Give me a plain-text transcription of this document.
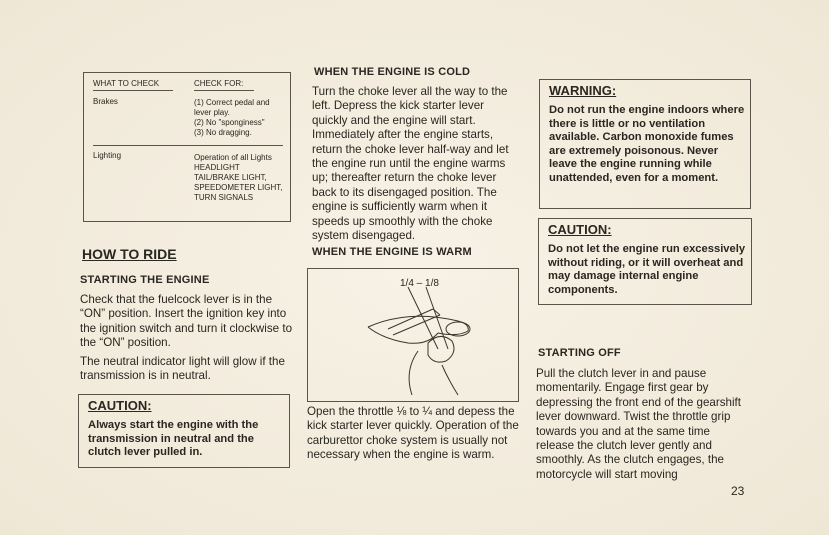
WHAT TO CHECK	CHECK FOR:
Brakes	(1) Correct pedal and lever play.
(2) No "sponginess"
(3) No dragging.
Lighting	Operation of all Lights HEADLIGHT TAIL/BRAKE LIGHT, SPEEDOMETER LIGHT, TURN SIGNALS
HOW TO RIDE
STARTING THE ENGINE

Check that the fuelcock lever is in the “ON” position. Insert the ignition key into the ignition switch and turn it clockwise to the “ON” position.

The neutral indicator light will glow if the transmission is in neutral.

CAUTION:
Always start the engine with the transmission in neutral and the clutch lever pulled in.
WHEN THE ENGINE IS COLD

Turn the choke lever all the way to the left. Depress the kick starter lever quickly and the engine will start. Immediately after the engine starts, return the choke lever half-way and let the engine run until the engine warms up; thereafter return the choke lever back to its disengaged position. The engine is sufficiently warm when it speeds up smoothly with the choke system disengaged.

WHEN THE ENGINE IS WARM
1/4 – 1/8

Open the throttle ⅛ to ¼ and depess the kick starter lever quickly. Operation of the carburettor choke system is usually not necessary when the engine is warm.

WARNING:
Do not run the engine indoors where there is little or no ventilation available. Carbon monoxide fumes are extremely poisonous. Never leave the engine running while unattended, even for a moment.
CAUTION:
Do not let the engine run excessively without riding, or it will overheat and may damage internal engine components.
STARTING OFF

Pull the clutch lever in and pause momentarily. Engage first gear by depressing the front end of the gearshift lever downward. Twist the throttle grip towards you and at the same time release the clutch lever gently and smoothly. As the clutch engages, the motorcycle will start moving

23
